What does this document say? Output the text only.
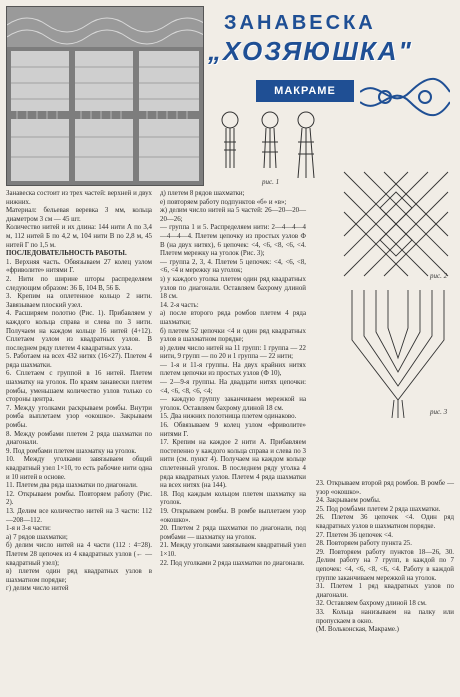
ЗАНАВЕСКА
„ХОЗЯЮШКА"
МАКРАМЕ
рис. 1
рис. 2
рис. 3

Занавеска состоит из трех частей: верхней и двух нижних.

Материал: бельевая веревка 3 мм, кольца диаметром 3 см — 45 шт.

Количество нитей и их длина: 144 нити А по 3,4 м, 112 нитей Б по 4,2 м, 104 нити В по 2,8 м, 45 нитей Г по 1,5 м.

ПОСЛЕДОВАТЕЛЬНОСТЬ РАБОТЫ.

1. Верхняя часть. Обвязываем 27 колец узлом «фриволите» нитями Г.

2. Нити по ширине шторы распределяем следующим образом: 36 Б, 104 В, 56 Б.

3. Крепим на оплетенное кольцо 2 нити. Завязываем плоский узел.

4. Расширяем полотно (Рис. 1). Прибавляем у каждого кольца справа и слева по 3 нити. Получаем на каждом кольце 16 нитей (4+12). Сплетаем узлом из квадратных узлов. В последнем ряду плетем 4 квадратных узла.

5. Работаем на всех 432 нитях (16×27). Плетем 4 ряда шахматки.

6. Сплетаем с группой в 16 нитей. Плетем шахматку на уголок. По краям занавески плетем ромбы, уменьшаем количество узлов только со стороны центра.

7. Между уголками раскрываем ромбы. Внутри ромба выплетаем узор «окошко». Закрываем ромбы.

8. Между ромбами плетем 2 ряда шахматки по диагонали.

9. Под ромбами плетем шахматку на уголок.

10. Между уголками завязываем общий квадратный узел 1×10, то есть рабочие нити одна и 10 нитей в основе.

11. Плетем два ряда шахматки по диагонали.

12. Открываем ромбы. Повторяем работу (Рис. 2).

13. Делим все количество нитей на 3 части: 112—208—112.

1-я и 3-я части:

а) 7 рядов шахматки;

б) делим число нитей на 4 части (112 : 4=28). Плетем 28 цепочек из 4 квадратных узлов (← — квадратный узел);

в) плетем один ряд квадратных узлов в шахматном порядке;

г) делим число нитей

д) плетем 8 рядов шахматки;

е) повторяем работу подпунктов «б» и «в»;

ж) делим число нитей на 5 частей: 26—20—20—20—26;

— группа 1 и 5. Распределяем нити: 2—4—4—4—4—4—4. Плетем цепочку из простых узлов Ф В (на двух нитях), 6 цепочек: <4, <6, <8, <6, <4. Плетем мережку на уголок (Рис. 3);

— группа 2, 3, 4. Плетем 5 цепочек: <4, <6, <8, <6, <4 и мережку на уголок;

з) у каждого уголка плетем один ряд квадратных узлов по диагонали. Оставляем бахрому длиной 18 см.

14. 2-я часть:

а) после второго ряда ромбов плетем 4 ряда шахматки;

б) плетем 52 цепочки <4 и один ряд квадратных узлов в шахматном порядке;

в) делим число нитей на 11 групп: 1 группа — 22 нити, 9 групп — по 20 и 1 группа — 22 нити;

— 1-я и 11-я группы. На двух крайних нитях плетем цепочки из простых узлов (Ф 10),

— 2—9-я группы. На двадцати нитях цепочки: <4, <6, <8, <6, <4;

— каждую группу заканчиваем мережкой на уголок. Оставляем бахрому длиной 18 см.

15. Два нижних полотнища плетем одинаково.

16. Обвязываем 9 колец узлом «фриволите» нитями Г.

17. Крепим на каждое 2 нити А. Прибавляем постепенно у каждого кольца справа и слева по 3 нити (см. пункт 4). Получаем на каждом кольце сплетенный уголок. В последнем ряду уголка 4 ряда квадратных узлов. Плетем 4 ряда шахматки на всех нитях (на 144).

18. Под каждым кольцом плетем шахматку на уголок.

19. Открываем ромбы. В ромбе выплетаем узор «окошко».

20. Плетем 2 ряда шахматки по диагонали, под ромбами — шахматку на уголок.

21. Между уголками завязываем квадратный узел 1×10.

22. Под уголками 2 ряда шахматки по диагонали.

23. Открываем второй ряд ромбов. В ромбе — узор «окошко».

24. Закрываем ромбы.

25. Под ромбами плетем 2 ряда шахматки.

26. Плетем 36 цепочек <4. Один ряд квадратных узлов в шахматном порядке.

27. Плетем 36 цепочек <4.

28. Повторяем работу пункта 25.

29. Повторяем работу пунктов 18—26, 30. Делим работу на 7 групп, в каждой по 7 цепочек: <4, <6, <8, <6, <4. Работу в каждой группе заканчиваем мережкой на уголок.

31. Плетем 1 ряд квадратных узлов по диагонали.

32. Оставляем бахрому длиной 18 см.

33. Кольца нанизываем на палку или пропускаем в окно.

(М. Вольконская, Макраме.)
